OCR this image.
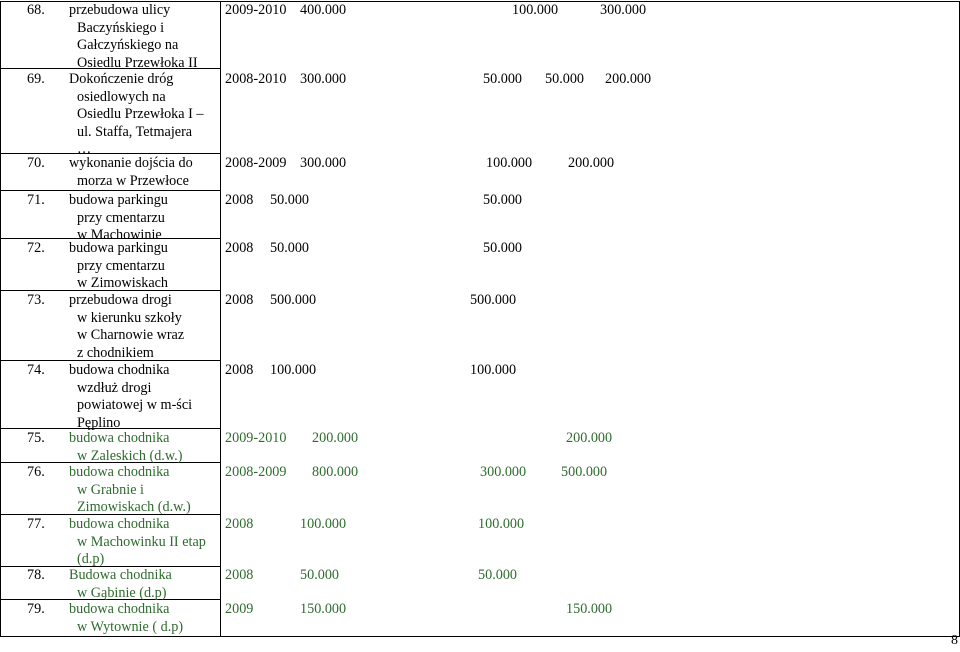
68. przebudowa ulicy
Baczyńskiego i
Gałczyńskiego na
Osiedlu Przewłoka II
2009-2010 400.000	100.000	300.000
69. Dokończenie dróg
osiedlowych na
Osiedlu Przewłoka I –
ul. Staffa, Tetmajera
…
2008-2010 300.000	50.000 50.000 200.000
70. wykonanie dojścia do
morza w Przewłoce
2008-2009 300.000	100.000	200.000
71. budowa parkingu
przy cmentarzu
w Machowinie
2008 50.000	50.000
72. budowa parkingu
przy cmentarzu
w Zimowiskach
2008 50.000	50.000
73. przebudowa drogi
w kierunku szkoły
w Charnowie wraz
z chodnikiem
2008 500.000	500.000
74. budowa chodnika
wzdłuż drogi
powiatowej w m-ści
Pęplino
2008 100.000	100.000
75. budowa chodnika
w Zaleskich (d.w.)
2009-2010 200.000	200.000
76. budowa chodnika
w Grabnie i
Zimowiskach (d.w.)
2008-2009 800.000	300.000 500.000
77. budowa chodnika
w Machowinku II etap
(d.p)
2008	100.000	100.000
78. Budowa chodnika
w Gąbinie (d.p)
2008	50.000	50.000
79. budowa chodnika
w Wytownie ( d.p)
2009	150.000	150.000
8
